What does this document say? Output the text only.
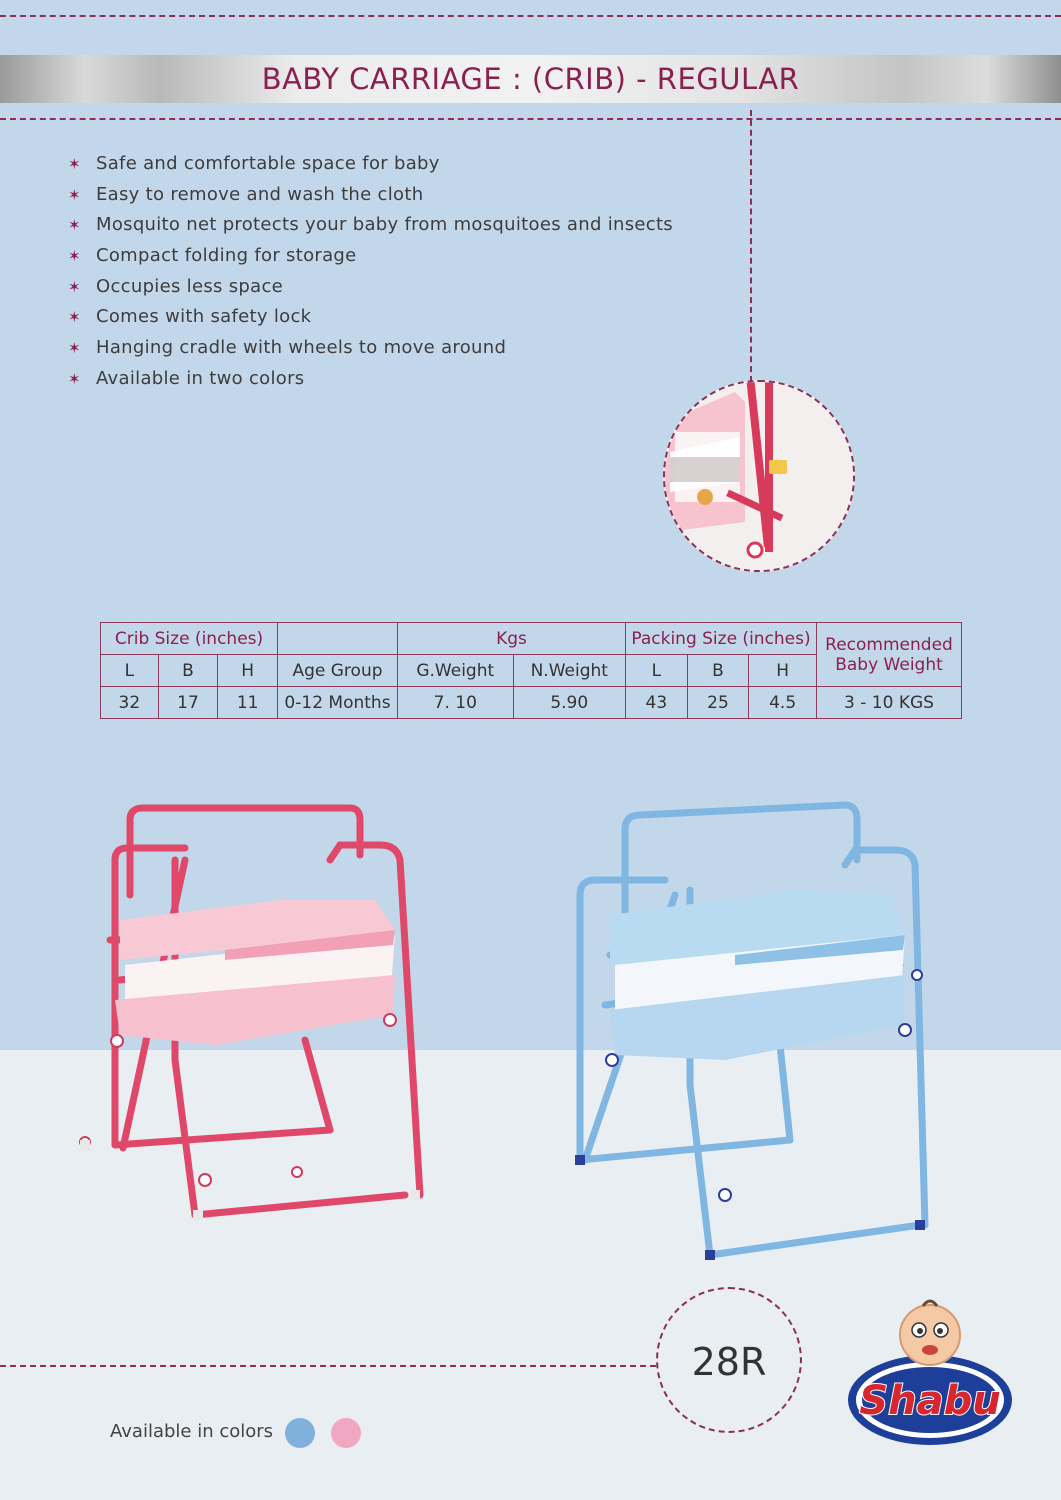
BABY CARRIAGE : (CRIB) - REGULAR
✶ Safe and comfortable space for baby
✶ Easy to remove and wash the cloth
✶ Mosquito net protects your baby from mosquitoes and insects
✶ Compact folding for storage
✶ Occupies less space
✶ Comes with safety lock
✶ Hanging cradle with wheels to move around
✶ Available in two colors
Crib Size (inches)				Kgs		Packing Size (inches)			Recommended Baby Weight
L	B	H	Age Group	G.Weight	N.Weight	L	B	H	
32	17	11	0-12 Months	7. 10	5.90	43	25	4.5	3 - 10 KGS
28R
Available in colors
Shabu
